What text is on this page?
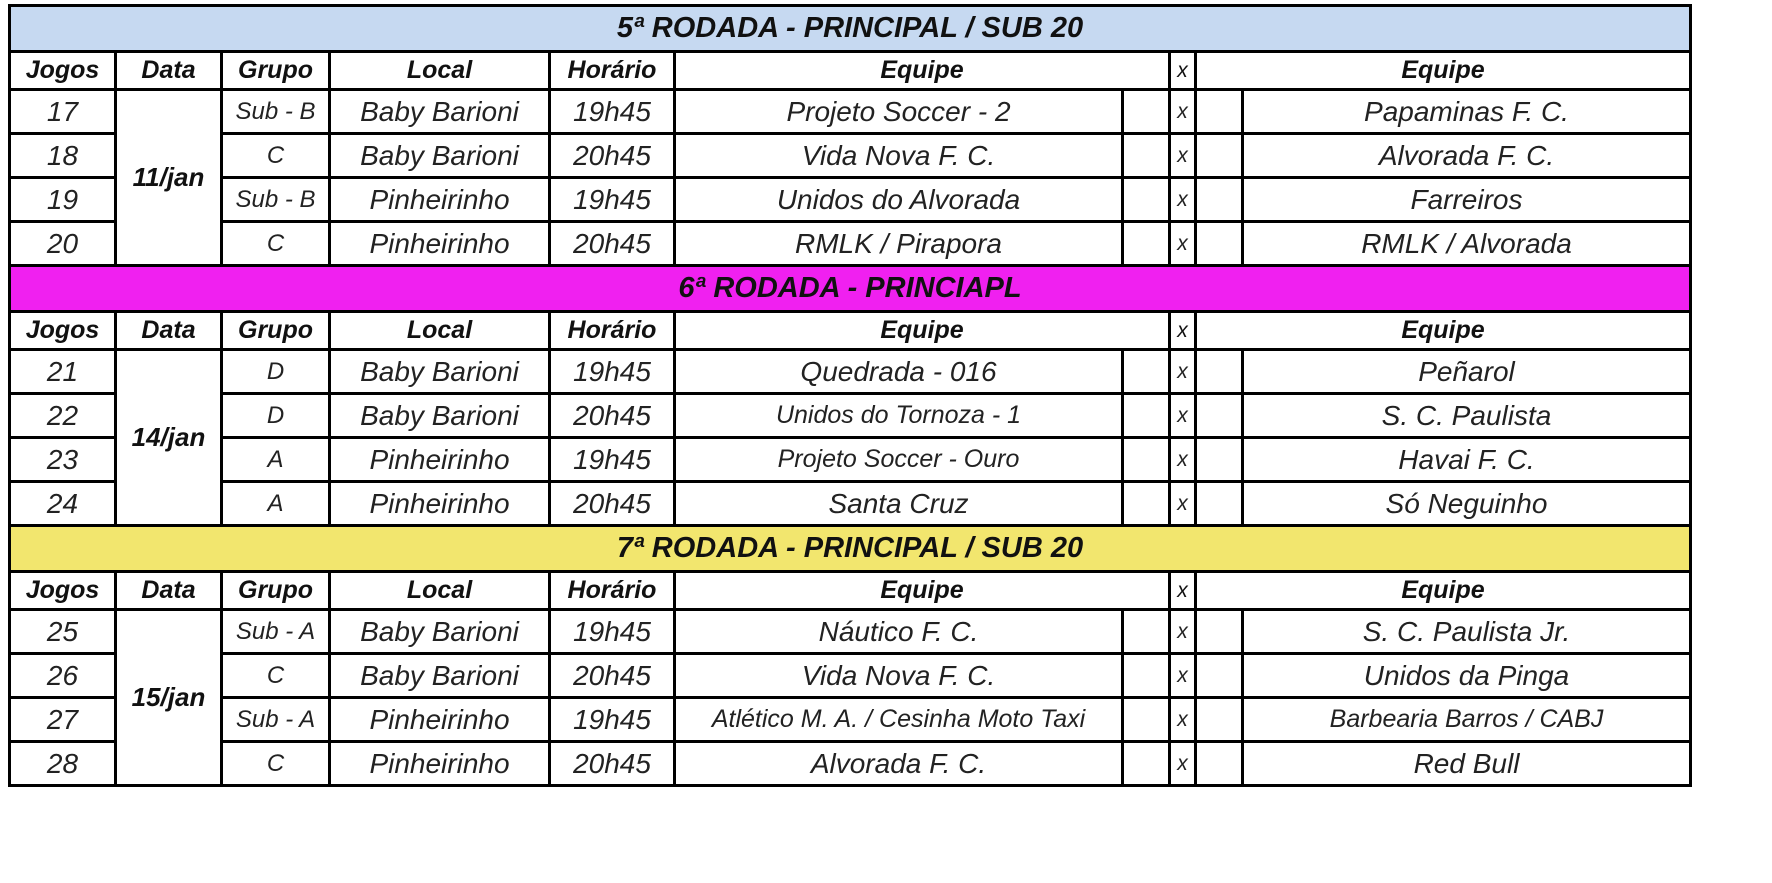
5ª RODADA - PRINCIPAL / SUB 20									
Jogos	Data	Grupo	Local	Horário	Equipe		x	Equipe	
17	11/jan	Sub - B	Baby Barioni	19h45	Projeto Soccer - 2		x		Papaminas F. C.
18		C	Baby Barioni	20h45	Vida Nova F. C.		x		Alvorada F. C.
19		Sub - B	Pinheirinho	19h45	Unidos do Alvorada		x		Farreiros
20		C	Pinheirinho	20h45	RMLK / Pirapora		x		RMLK / Alvorada
6ª RODADA - PRINCIAPL									
Jogos	Data	Grupo	Local	Horário	Equipe		x	Equipe	
21	14/jan	D	Baby Barioni	19h45	Quedrada - 016		x		Peñarol
22		D	Baby Barioni	20h45	Unidos do Tornoza - 1		x		S. C. Paulista
23		A	Pinheirinho	19h45	Projeto Soccer - Ouro		x		Havai F. C.
24		A	Pinheirinho	20h45	Santa Cruz		x		Só Neguinho
7ª RODADA - PRINCIPAL / SUB 20									
Jogos	Data	Grupo	Local	Horário	Equipe		x	Equipe	
25	15/jan	Sub - A	Baby Barioni	19h45	Náutico F. C.		x		S. C. Paulista Jr.
26		C	Baby Barioni	20h45	Vida Nova F. C.		x		Unidos da Pinga
27		Sub - A	Pinheirinho	19h45	Atlético M. A. / Cesinha Moto Taxi		x		Barbearia Barros / CABJ
28		C	Pinheirinho	20h45	Alvorada F. C.		x		Red Bull
